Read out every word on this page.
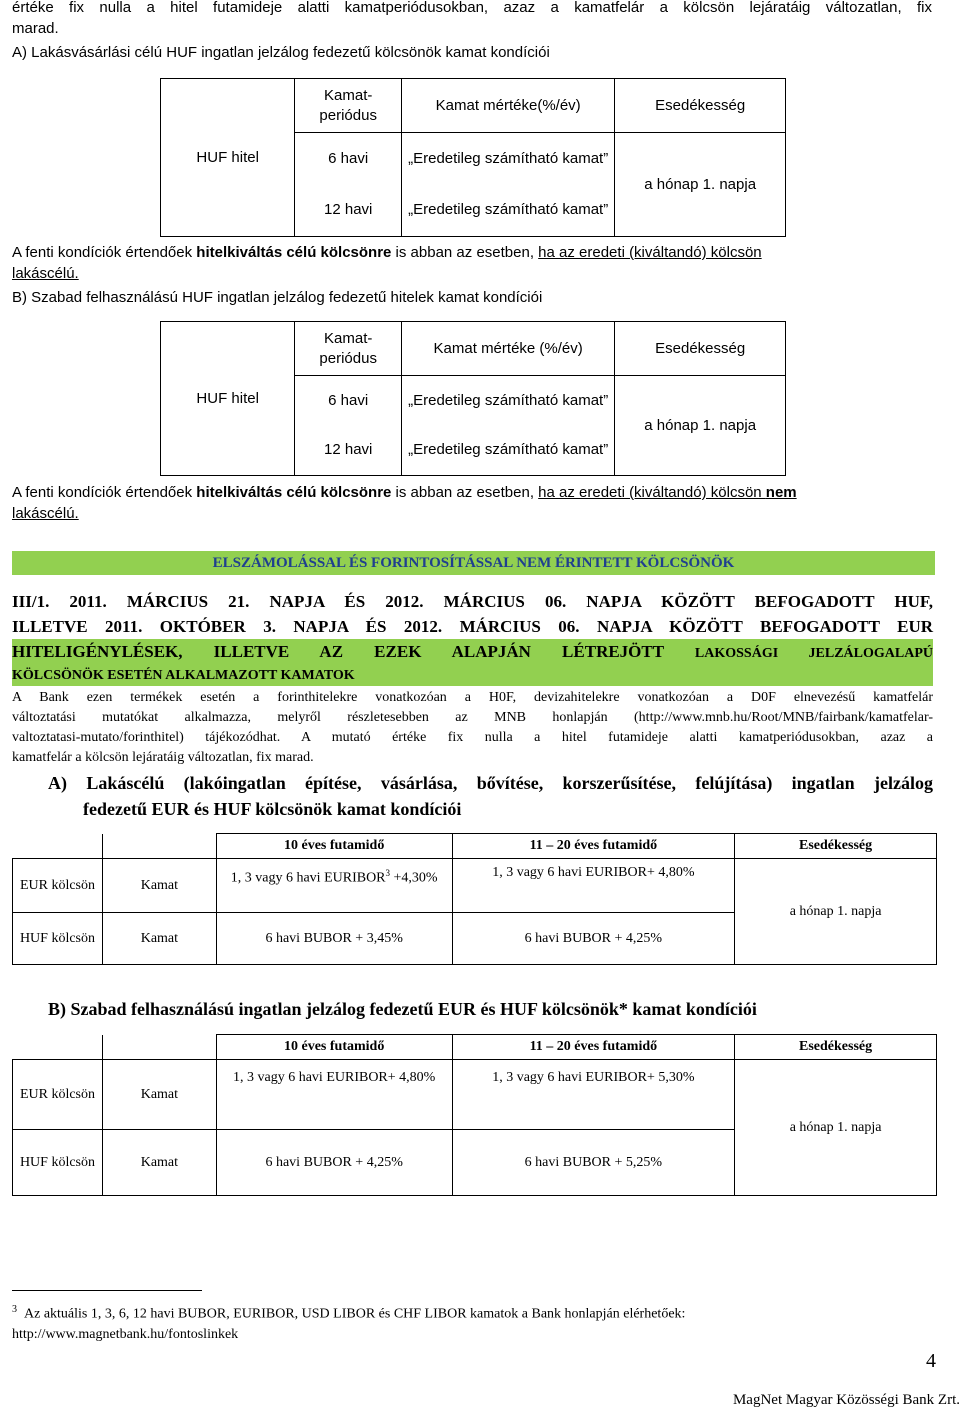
értéke fix nulla a hitel futamideje alatti kamatperiódusokban, azaz a kamatfelár a kölcsön lejáratáig változatlan, fix
marad.
A) Lakásvásárlási célú HUF ingatlan jelzálog fedezetű kölcsönök kamat kondíciói
HUF hitel	Kamat-periódus	Kamat mértéke(%/év)	Esedékesség
	6 havi	„Eredetileg számítható kamat”	a hónap 1. napja
	12 havi	„Eredetileg számítható kamat”	
A fenti kondíciók értendőek hitelkiváltás célú kölcsönre is abban az esetben, ha az eredeti (kiváltandó) kölcsön
lakáscélú.
B) Szabad felhasználású HUF ingatlan jelzálog fedezetű hitelek kamat kondíciói
HUF hitel	Kamat-periódus	Kamat mértéke (%/év)	Esedékesség
	6 havi	„Eredetileg számítható kamat”	a hónap 1. napja
	12 havi	„Eredetileg számítható kamat”	
A fenti kondíciók értendőek hitelkiváltás célú kölcsönre is abban az esetben, ha az eredeti (kiváltandó) kölcsön nem
lakáscélú.
ELSZÁMOLÁSSAL ÉS FORINTOSÍTÁSSAL NEM ÉRINTETT KÖLCSÖNÖK
III/1. 2011. MÁRCIUS 21. NAPJA ÉS 2012. MÁRCIUS 06. NAPJA KÖZÖTT BEFOGADOTT HUF,
ILLETVE 2011. OKTÓBER 3. NAPJA ÉS 2012. MÁRCIUS 06. NAPJA KÖZÖTT BEFOGADOTT EUR
HITELIGÉNYLÉSEK, ILLETVE AZ EZEK ALAPJÁN LÉTREJÖTT LAKOSSÁGI JELZÁLOGALAPÚ
KÖLCSÖNÖK ESETÉN ALKALMAZOTT KAMATOK
A Bank ezen termékek esetén a forinthitelekre vonatkozóan a H0F, devizahitelekre vonatkozóan a D0F elnevezésű kamatfelár
változtatási mutatókat alkalmazza, melyről részletesebben az MNB honlapján (http://www.mnb.hu/Root/MNB/fairbank/kamatfelar-
valtoztatasi-mutato/forinthitel) tájékozódhat. A mutató értéke fix nulla a hitel futamideje alatti kamatperiódusokban, azaz a
kamatfelár a kölcsön lejáratáig változatlan, fix marad.
A) Lakáscélú (lakóingatlan építése, vásárlása, bővítése, korszerűsítése, felújítása) ingatlan jelzálog
fedezetű EUR és HUF kölcsönök kamat kondíciói
		10 éves futamidő	11 – 20 éves futamidő	Esedékesség
EUR kölcsön	Kamat	1, 3 vagy 6 havi $EURIBOR^3 +4,30\%$	1, 3 vagy 6 havi EURIBOR+ 4,80%	a hónap 1. napja
HUF kölcsön	Kamat	6 havi BUBOR + 3,45%	6 havi BUBOR + 4,25%	
B) Szabad felhasználású ingatlan jelzálog fedezetű EUR és HUF kölcsönök* kamat kondíciói
		10 éves futamidő	11 – 20 éves futamidő	Esedékesség
EUR kölcsön	Kamat	1, 3 vagy 6 havi EURIBOR+ 4,80%	1, 3 vagy 6 havi EURIBOR+ 5,30%	a hónap 1. napja
HUF kölcsön	Kamat	6 havi BUBOR + 4,25%	6 havi BUBOR + 5,25%	
$^3$ Az aktuális 1, 3, 6, 12 havi BUBOR, EURIBOR, USD LIBOR és CHF LIBOR kamatok a Bank honlapján elérhetőek:
http://www.magnetbank.hu/fontoslinkek
4
MagNet Magyar Közösségi Bank Zrt.
